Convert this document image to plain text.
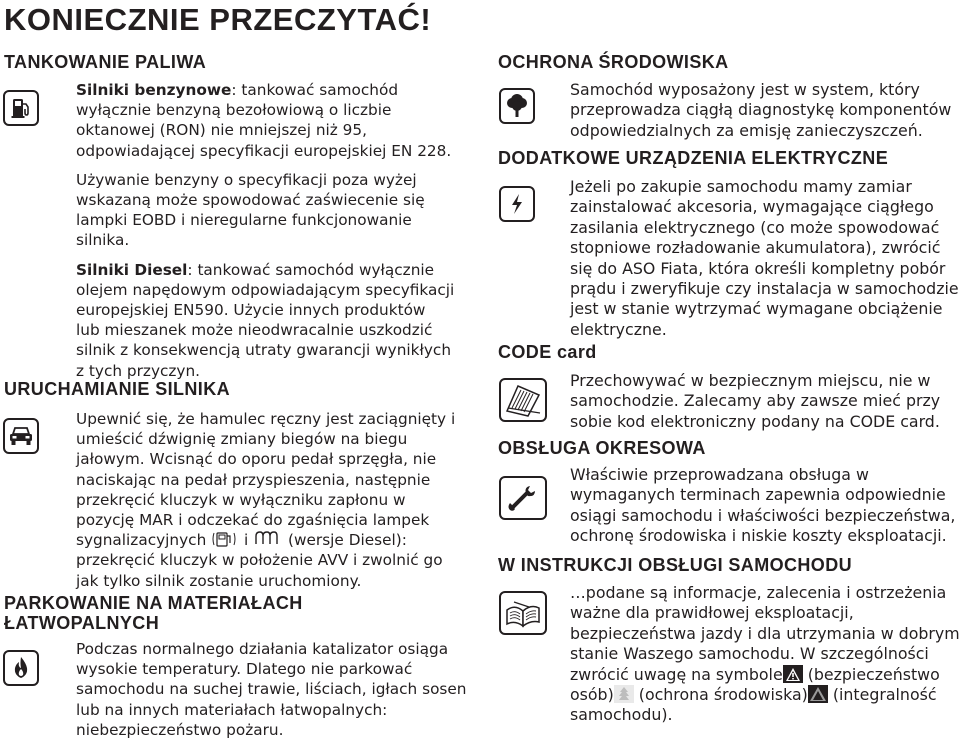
KONIECZNIE PRZECZYTAĆ!
TANKOWANIE PALIWA
Silniki benzynowe: tankować samochód
wyłącznie benzyną bezołowiową o liczbie
oktanowej (RON) nie mniejszej niż 95,
odpowiadającej specyfikacji europejskiej EN 228.
Używanie benzyny o specyfikacji poza wyżej
wskazaną może spowodować zaświecenie się
lampki EOBD i nieregularne funkcjonowanie
silnika.
Silniki Diesel: tankować samochód wyłącznie
olejem napędowym odpowiadającym specyfikacji
europejskiej EN590. Użycie innych produktów
lub mieszanek może nieodwracalnie uszkodzić
silnik z konsekwencją utraty gwarancji wynikłych
z tych przyczyn.
URUCHAMIANIE SILNIKA
Upewnić się, że hamulec ręczny jest zaciągnięty i
umieścić dźwignię zmiany biegów na biegu
jałowym. Wcisnąć do oporu pedał sprzęgła, nie
naciskając na pedał przyspieszenia, następnie
przekręcić kluczyk w wyłączniku zapłonu w
pozycję MAR i odczekać do zgaśnięcia lampek
sygnalizacyjnych i	(wersje Diesel):
przekręcić kluczyk w położenie AVV i zwolnić go
jak tylko silnik zostanie uruchomiony.
PARKOWANIE NA MATERIAŁACH
ŁATWOPALNYCH
Podczas normalnego działania katalizator osiąga
wysokie temperatury. Dlatego nie parkować
samochodu na suchej trawie, liściach, igłach sosen
lub na innych materiałach łatwopalnych:
niebezpieczeństwo pożaru.
OCHRONA ŚRODOWISKA
Samochód wyposażony jest w system, który
przeprowadza ciągłą diagnostykę komponentów
odpowiedzialnych za emisję zanieczyszczeń.
DODATKOWE URZĄDZENIA ELEKTRYCZNE
Jeżeli po zakupie samochodu mamy zamiar
zainstalować akcesoria, wymagające ciągłego
zasilania elektrycznego (co może spowodować
stopniowe rozładowanie akumulatora), zwrócić
się do ASO Fiata, która określi kompletny pobór
prądu i zweryfikuje czy instalacja w samochodzie
jest w stanie wytrzymać wymagane obciążenie
elektryczne.
CODE card
Przechowywać w bezpiecznym miejscu, nie w
samochodzie. Zalecamy aby zawsze mieć przy
sobie kod elektroniczny podany na CODE card.
OBSŁUGA OKRESOWA
Właściwie przeprowadzana obsługa w
wymaganych terminach zapewnia odpowiednie
osiągi samochodu i właściwości bezpieczeństwa,
ochronę środowiska i niskie koszty eksploatacji.
W INSTRUKCJI OBSŁUGI SAMOCHODU
…podane są informacje, zalecenia i ostrzeżenia
ważne dla prawidłowej eksploatacji,
bezpieczeństwa jazdy i dla utrzymania w dobrym
stanie Waszego samochodu. W szczególności
zwrócić uwagę na symbole (bezpieczeństwo
osób) (ochrona środowiska) (integralność
samochodu).
